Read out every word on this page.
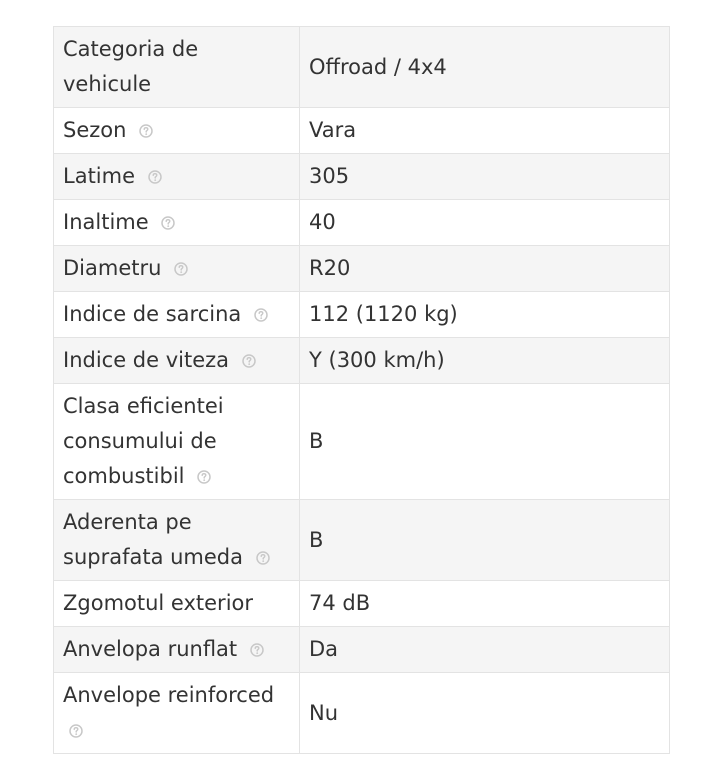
Categoria de vehicule	Offroad / 4x4
Sezon	Vara
Latime	305
Inaltime	40
Diametru	R20
Indice de sarcina	112 (1120 kg)
Indice de viteza	Y (300 km/h)
Clasa eficientei consumului de combustibil	B
Aderenta pe suprafata umeda	B
Zgomotul exterior	74 dB
Anvelopa runflat	Da
Anvelope reinforced	Nu
